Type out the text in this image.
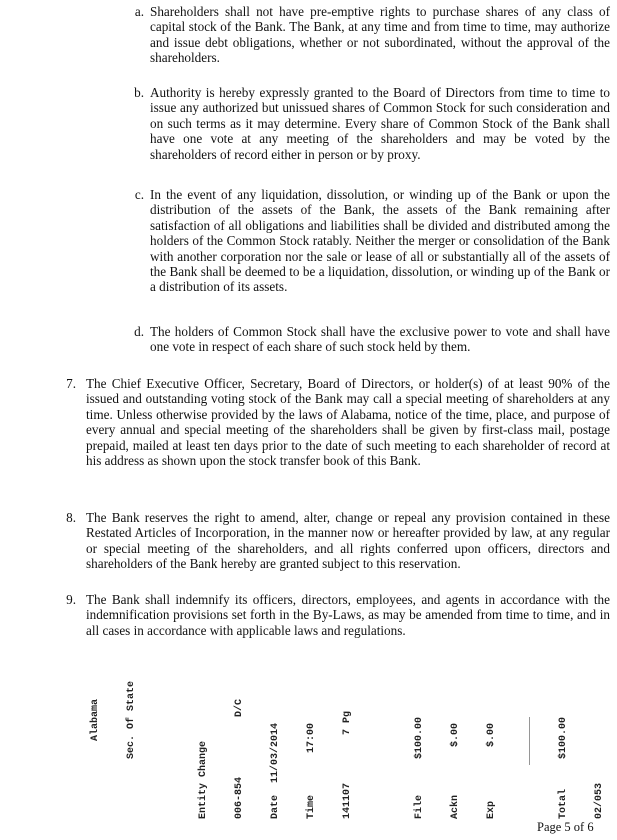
a. Shareholders shall not have pre-emptive rights to purchase shares of any class of capital stock of the Bank. The Bank, at any time and from time to time, may authorize and issue debt obligations, whether or not subordinated, without the approval of the shareholders.
b. Authority is hereby expressly granted to the Board of Directors from time to time to issue any authorized but unissued shares of Common Stock for such consideration and on such terms as it may determine. Every share of Common Stock of the Bank shall have one vote at any meeting of the shareholders and may be voted by the shareholders of record either in person or by proxy.
c. In the event of any liquidation, dissolution, or winding up of the Bank or upon the distribution of the assets of the Bank, the assets of the Bank remaining after satisfaction of all obligations and liabilities shall be divided and distributed among the holders of the Common Stock ratably. Neither the merger or consolidation of the Bank with another corporation nor the sale or lease of all or substantially all of the assets of the Bank shall be deemed to be a liquidation, dissolution, or winding up of the Bank or a distribution of its assets.
d. The holders of Common Stock shall have the exclusive power to vote and shall have one vote in respect of each share of such stock held by them.
7. The Chief Executive Officer, Secretary, Board of Directors, or holder(s) of at least 90% of the issued and outstanding voting stock of the Bank may call a special meeting of shareholders at any time. Unless otherwise provided by the laws of Alabama, notice of the time, place, and purpose of every annual and special meeting of the shareholders shall be given by first-class mail, postage prepaid, mailed at least ten days prior to the date of such meeting to each shareholder of record at his address as shown upon the stock transfer book of this Bank.
8. The Bank reserves the right to amend, alter, change or repeal any provision contained in these Restated Articles of Incorporation, in the manner now or hereafter provided by law, at any regular or special meeting of the shareholders, and all rights conferred upon officers, directors and shareholders of the Bank hereby are granted subject to this reservation.
9. The Bank shall indemnify its officers, directors, employees, and agents in accordance with the indemnification provisions set forth in the By-Laws, as may be amended from time to time, and in all cases in accordance with applicable laws and regulations.

Alabama

	Sec. Of State

	Entity Change

	006-854          D/C

	Date  11/03/2014

	Time       17:00

	141107        7 Pg

	File      $100.00

	Ackn        $.00

	Exp         $.00

	________

	Total     $100.00

	02/053

Page 5 of 6
